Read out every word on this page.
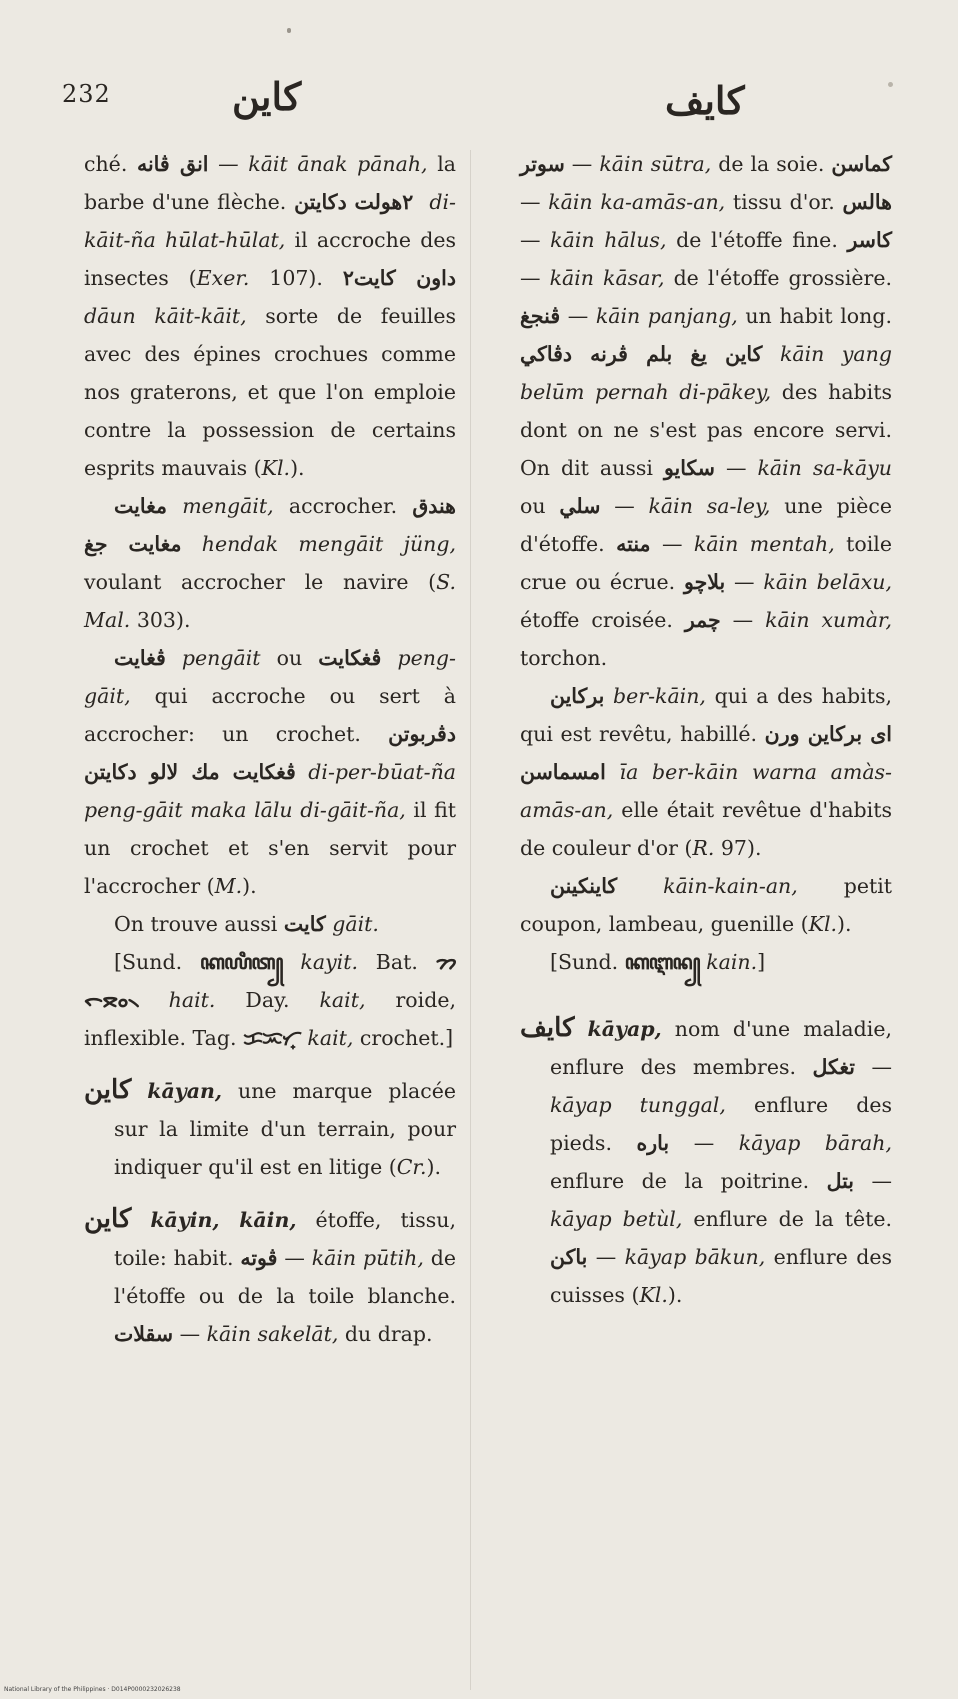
232	كاين	كايف

ché. انق ڤانه — kāit ānak pānah, la barbe d'une flèche. دكايتن هولت ٢ di-kāit-ña hūlat-hūlat, il accroche des insectes (Exer. 107). داون كايت٢ dāun kāit-kāit, sorte de feuilles avec des épines crochues comme nos graterons, et que l'on emploie contre la possession de certains esprits mauvais (Kl.).

مغايت mengāit, accrocher. هندق مغايت جغ hendak mengāit jüng, voulant accrocher le navire (S. Mal. 303).

ڤغايت pengāit ou ڤغكايت peng-gāit, qui accroche ou sert à accrocher: un crochet. دڤربوتن ڤغكايت مك لالو دكايتن di-per-būat-ña peng-gāit maka lālu di-gāit-ña, il fit un crochet et s'en servit pour l'accrocher (M.).

On trouve aussi كايت gāit.

[Sund. ꦏꦪꦶꦠ꧀ kayit. Bat. ᯂᯞᯪᯖ᯲ hait. Day. kait, roide, inflexible. Tag. ᜃᜁᜆ᜔ kait, crochet.]

كاين kāyan, une marque placée sur la limite d'un terrain, pour indiquer qu'il est en litige (Cr.).

كاين kāyin, kāin, étoffe, tissu, toile: habit. ڤوته — kāin pūtih, de l'étoffe ou de la toile blanche. سقلات — kāin sakelāt, du drap.

سوتر — kāin sūtra, de la soie. كماسن — kāin ka-amās-an, tissu d'or. هالس — kāin hālus, de l'étoffe fine. كاسر — kāin kāsar, de l'étoffe grossière. ڤنجغ — kāin panjang, un habit long. كاين يغ بلم ڤرنه دڤاكي kāin yang belūm pernah di-pākey, des habits dont on ne s'est pas encore servi. On dit aussi سكايو — kāin sa-kāyu ou سلي — kāin sa-ley, une pièce d'étoffe. منته — kāin mentah, toile crue ou écrue. بلاچو — kāin belāxu, étoffe croisée. چمر — kāin xumàr, torchon.

بركاين ber-kāin, qui a des habits, qui est revêtu, habillé. اى بركاين ورن امسماسن īa ber-kāin warna amàs-amās-an, elle était revêtue d'habits de couleur d'or (R. 97).

كاينكينن kāin-kain-an, petit coupon, lambeau, guenille (Kl.).

[Sund. ꦏꦆꦤ꧀ kain.]

كايف kāyap, nom d'une maladie, enflure des membres. تغكل — kāyap tunggal, enflure des pieds. باره — kāyap bārah, enflure de la poitrine. بتل — kāyap betùl, enflure de la tête. باكن — kāyap bākun, enflure des cuisses (Kl.).

National Library of the Philippines · D014P0000232026238
